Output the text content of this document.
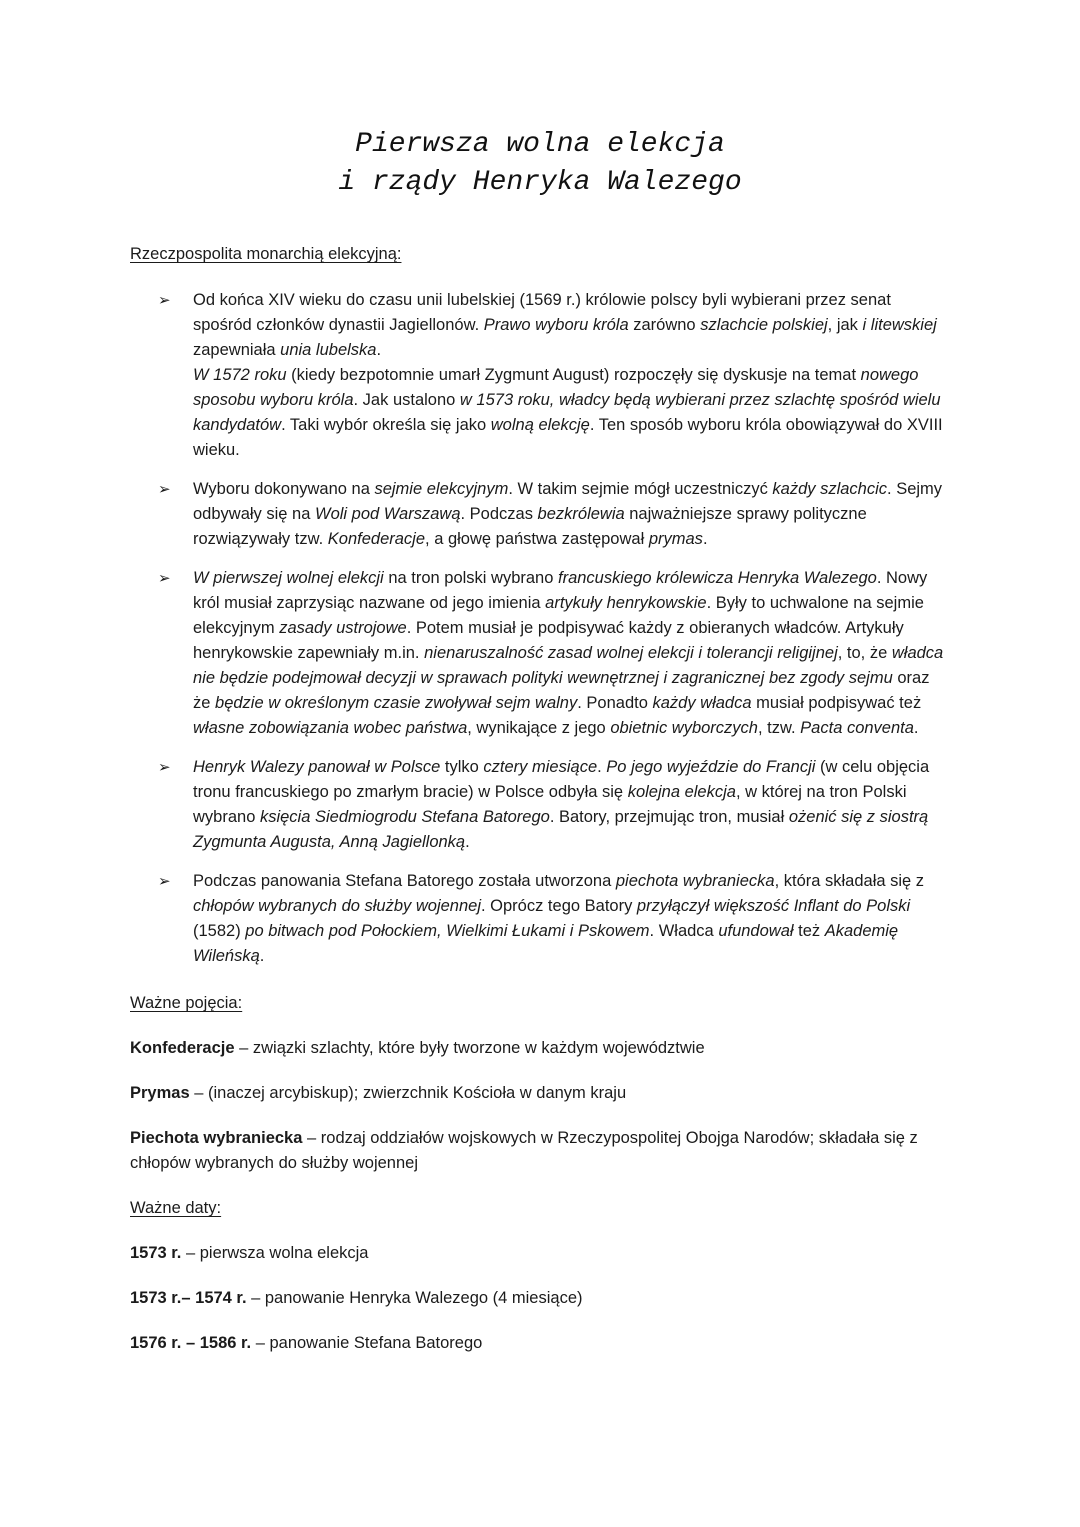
Pierwsza wolna elekcja
i rządy Henryka Walezego
Rzeczpospolita monarchią elekcyjną:
➢	Od końca XIV wieku do czasu unii lubelskiej (1569 r.) królowie polscy byli wybierani przez senat spośród członków dynastii Jagiellonów. Prawo wyboru króla zarówno szlachcie polskiej, jak i litewskiej zapewniała unia lubelska.
W 1572 roku (kiedy bezpotomnie umarł Zygmunt August) rozpoczęły się dyskusje na temat nowego sposobu wyboru króla. Jak ustalono w 1573 roku, władcy będą wybierani przez szlachtę spośród wielu kandydatów. Taki wybór określa się jako wolną elekcję. Ten sposób wyboru króla obowiązywał do XVIII wieku.
➢	Wyboru dokonywano na sejmie elekcyjnym. W takim sejmie mógł uczestniczyć każdy szlachcic. Sejmy odbywały się na Woli pod Warszawą. Podczas bezkrólewia najważniejsze sprawy polityczne rozwiązywały tzw. Konfederacje, a głowę państwa zastępował prymas.
➢	W pierwszej wolnej elekcji na tron polski wybrano francuskiego królewicza Henryka Walezego. Nowy król musiał zaprzysiąc nazwane od jego imienia artykuły henrykowskie. Były to uchwalone na sejmie elekcyjnym zasady ustrojowe. Potem musiał je podpisywać każdy z obieranych władców. Artykuły henrykowskie zapewniały m.in. nienaruszalność zasad wolnej elekcji i tolerancji religijnej, to, że władca nie będzie podejmował decyzji w sprawach polityki wewnętrznej i zagranicznej bez zgody sejmu oraz że będzie w określonym czasie zwoływał sejm walny. Ponadto każdy władca musiał podpisywać też własne zobowiązania wobec państwa, wynikające z jego obietnic wyborczych, tzw. Pacta conventa.
➢	Henryk Walezy panował w Polsce tylko cztery miesiące. Po jego wyjeździe do Francji (w celu objęcia tronu francuskiego po zmarłym bracie) w Polsce odbyła się kolejna elekcja, w której na tron Polski wybrano księcia Siedmiogrodu Stefana Batorego. Batory, przejmując tron, musiał ożenić się z siostrą Zygmunta Augusta, Anną Jagiellonką.
➢	Podczas panowania Stefana Batorego została utworzona piechota wybraniecka, która składała się z chłopów wybranych do służby wojennej. Oprócz tego Batory przyłączył większość Inflant do Polski (1582) po bitwach pod Połockiem, Wielkimi Łukami i Pskowem. Władca ufundował też Akademię Wileńską.
Ważne pojęcia:
Konfederacje – związki szlachty, które były tworzone w każdym województwie
Prymas – (inaczej arcybiskup); zwierzchnik Kościoła w danym kraju
Piechota wybraniecka – rodzaj oddziałów wojskowych w Rzeczypospolitej Obojga Narodów; składała się z chłopów wybranych do służby wojennej
Ważne daty:
1573 r. – pierwsza wolna elekcja
1573 r.– 1574 r. – panowanie Henryka Walezego (4 miesiące)
1576 r. – 1586 r. – panowanie Stefana Batorego
